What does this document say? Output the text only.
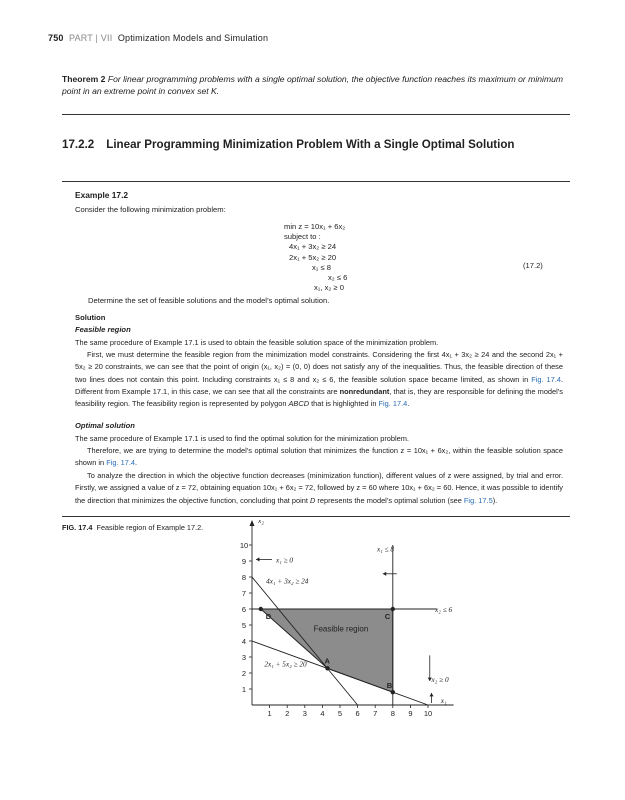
750 PART | VII Optimization Models and Simulation
Theorem 2 For linear programming problems with a single optimal solution, the objective function reaches its maximum or minimum point in an extreme point in convex set K.
17.2.2 Linear Programming Minimization Problem With a Single Optimal Solution
Example 17.2
Consider the following minimization problem:
min z = 10x₁ + 6x₂
subject to :
4x₁ + 3x₂ ≥ 24
2x₁ + 5x₂ ≥ 20
x₁ ≤ 8
x₂ ≤ 6
x₁, x₂ ≥ 0
(17.2)
Determine the set of feasible solutions and the model’s optimal solution.
Solution
Feasible region
The same procedure of Example 17.1 is used to obtain the feasible solution space of the minimization problem.
First, we must determine the feasible region from the minimization model constraints. Considering the first 4x₁ + 3x₂ ≥ 24 and the second 2x₁ + 5x₂ ≥ 20 constraints, we can see that the point of origin (x₁, x₂) = (0, 0) does not satisfy any of the inequalities. Thus, the feasible direction of these two lines does not contain this point. Including constraints x₁ ≤ 8 and x₂ ≤ 6, the feasible solution space became limited, as shown in Fig. 17.4. Different from Example 17.1, in this case, we can see that all the constraints are nonredundant, that is, they are responsible for defining the model’s feasibility region. The feasibility region is represented by polygon ABCD that is highlighted in Fig. 17.4.
Optimal solution
The same procedure of Example 17.1 is used to find the optimal solution for the minimization problem.
Therefore, we are trying to determine the model’s optimal solution that minimizes the function z = 10x₁ + 6x₂, within the feasible solution space shown in Fig. 17.4.
To analyze the direction in which the objective function decreases (minimization function), different values of z were assigned, by trial and error. Firstly, we assigned a value of z = 72, obtaining equation 10x₁ + 6x₂ = 72, followed by z = 60 where 10x₁ + 6x₂ = 60. Hence, it was possible to identify the direction that minimizes the objective function, concluding that point D represents the model’s optimal solution (see Fig. 17.5).
FIG. 17.4 Feasible region of Example 17.2.
1 2 3 4 5 6 7 8 9 10
1
2
3
4
5
6
7
8
9
10
x₂
x₁
x₁ ≥ 0
x₁ ≤ 8
4x₁ + 3x₂ ≥ 24
2x₁ + 5x₂ ≥ 20
x₂ ≤ 6
x₂ ≥ 0
Feasible region
A
B
C
D
